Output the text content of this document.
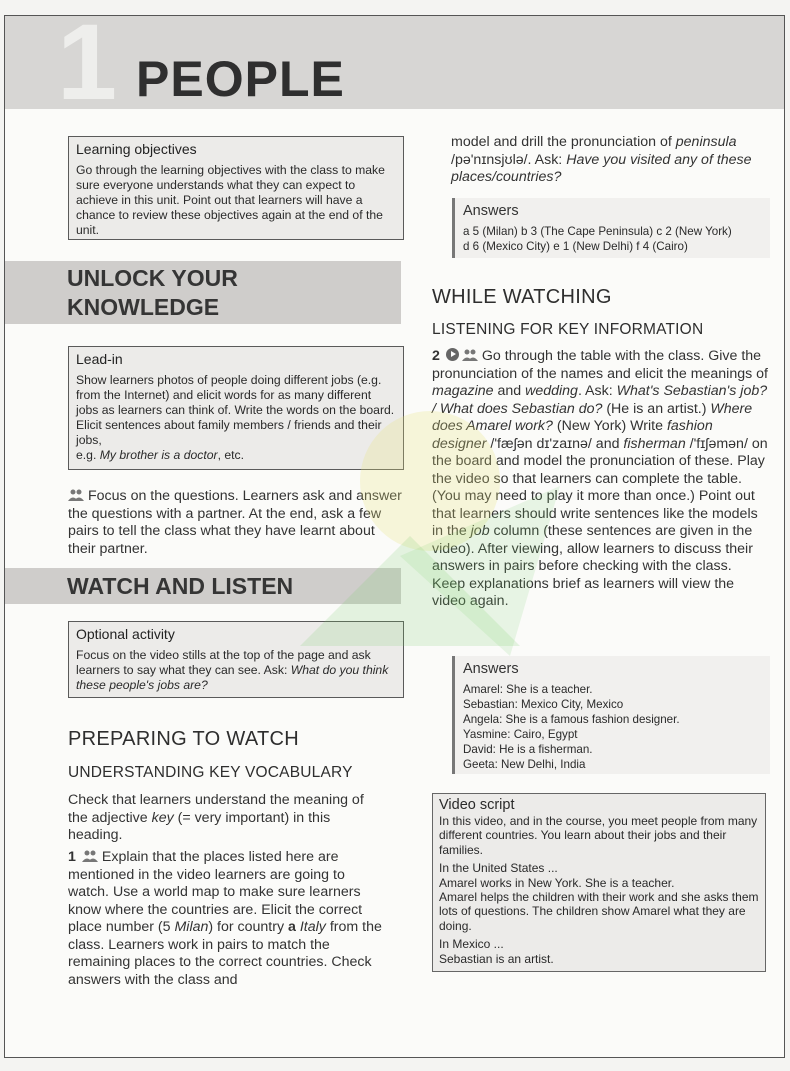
1 PEOPLE
Learning objectives
Go through the learning objectives with the class to make sure everyone understands what they can expect to achieve in this unit. Point out that learners will have a chance to review these objectives again at the end of the unit.
UNLOCK YOUR
KNOWLEDGE
Lead-in
Show learners photos of people doing different jobs (e.g. from the Internet) and elicit words for as many different jobs as learners can think of. Write the words on the board. Elicit sentences about family members / friends and their jobs,
e.g. My brother is a doctor, etc.
Focus on the questions. Learners ask and answer the questions with a partner. At the end, ask a few pairs to tell the class what they have learnt about their partner.
WATCH AND LISTEN
Optional activity
Focus on the video stills at the top of the page and ask learners to say what they can see. Ask: What do you think these people's jobs are?
PREPARING TO WATCH
UNDERSTANDING KEY VOCABULARY
Check that learners understand the meaning of the adjective key (= very important) in this heading.
1 Explain that the places listed here are mentioned in the video learners are going to watch. Use a world map to make sure learners know where the countries are. Elicit the correct place number (5 Milan) for country a Italy from the class. Learners work in pairs to match the remaining places to the correct countries. Check answers with the class and
model and drill the pronunciation of peninsula /pə'nɪnsjʊlə/. Ask: Have you visited any of these places/countries?
Answers
a 5 (Milan) b 3 (The Cape Peninsula) c 2 (New York)
d 6 (Mexico City) e 1 (New Delhi) f 4 (Cairo)
WHILE WATCHING
LISTENING FOR KEY INFORMATION
2	Go through the table with the class. Give the pronunciation of the names and elicit the meanings of magazine and wedding. Ask: What's Sebastian's job? / What does Sebastian do? (He is an artist.) Where does Amarel work? (New York) Write fashion designer /'fæʃən dɪ'zaɪnə/ and fisherman /'fɪʃəmən/ on the board and model the pronunciation of these. Play the video so that learners can complete the table. (You may need to play it more than once.) Point out that learners should write sentences like the models in the job column (these sentences are given in the video). After viewing, allow learners to discuss their answers in pairs before checking with the class. Keep explanations brief as learners will view the video again.
Answers
Amarel: She is a teacher.
Sebastian: Mexico City, Mexico
Angela: She is a famous fashion designer.
Yasmine: Cairo, Egypt
David: He is a fisherman.
Geeta: New Delhi, India
Video script

In this video, and in the course, you meet people from many different countries. You learn about their jobs and their families.

In the United States ...

Amarel works in New York. She is a teacher.

Amarel helps the children with their work and she asks them lots of questions. The children show Amarel what they are doing.

In Mexico ...

Sebastian is an artist.
